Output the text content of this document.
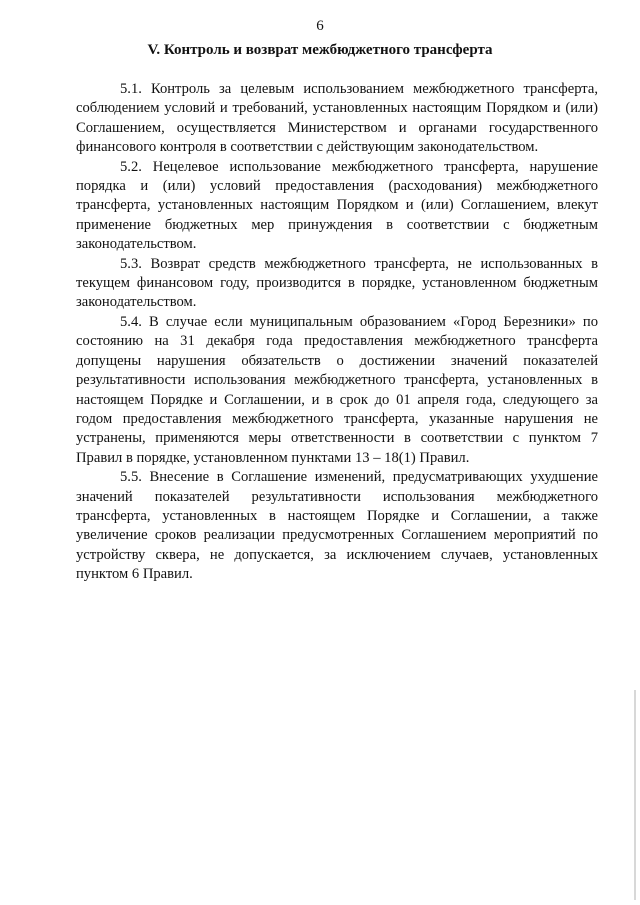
6
V. Контроль и возврат межбюджетного трансферта

5.1. Контроль за целевым использованием межбюджетного трансферта, соблюдением условий и требований, установленных настоящим Порядком и (или) Соглашением, осуществляется Министерством и органами государственного финансового контроля в соответствии с действующим законодательством.

5.2. Нецелевое использование межбюджетного трансферта, нарушение порядка и (или) условий предоставления (расходования) межбюджетного трансферта, установленных настоящим Порядком и (или) Соглашением, влекут применение бюджетных мер принуждения в соответствии с бюджетным законодательством.

5.3. Возврат средств межбюджетного трансферта, не использованных в текущем финансовом году, производится в порядке, установленном бюджетным законодательством.

5.4. В случае если муниципальным образованием «Город Березники» по состоянию на 31 декабря года предоставления межбюджетного трансферта допущены нарушения обязательств о достижении значений показателей результативности использования межбюджетного трансферта, установленных в настоящем Порядке и Соглашении, и в срок до 01 апреля года, следующего за годом предоставления межбюджетного трансферта, указанные нарушения не устранены, применяются меры ответственности в соответствии с пунктом 7 Правил в порядке, установленном пунктами 13 – 18(1) Правил.

5.5. Внесение в Соглашение изменений, предусматривающих ухудшение значений показателей результативности использования межбюджетного трансферта, установленных в настоящем Порядке и Соглашении, а также увеличение сроков реализации предусмотренных Соглашением мероприятий по устройству сквера, не допускается, за исключением случаев, установленных пунктом 6 Правил.
